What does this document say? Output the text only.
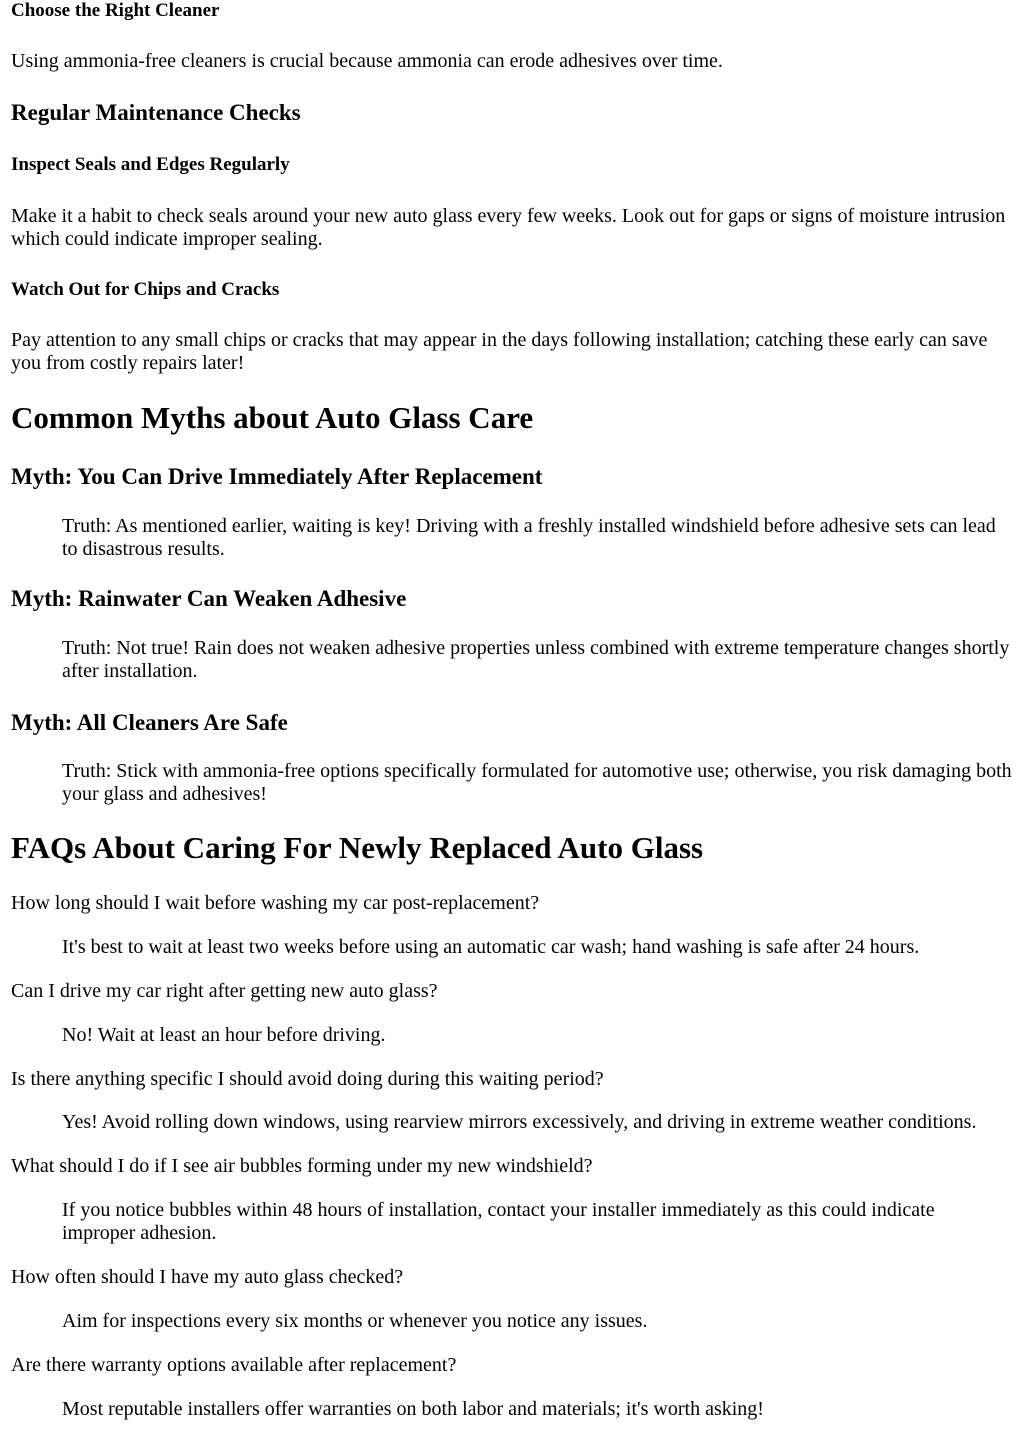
Choose the Right Cleaner

Using ammonia-free cleaners is crucial because ammonia can erode adhesives over time.

Regular Maintenance Checks
Inspect Seals and Edges Regularly

Make it a habit to check seals around your new auto glass every few weeks. Look out for gaps or signs of moisture intrusion which could indicate improper sealing.

Watch Out for Chips and Cracks

Pay attention to any small chips or cracks that may appear in the days following installation; catching these early can save you from costly repairs later!

Common Myths about Auto Glass Care
Myth: You Can Drive Immediately After Replacement

Truth: As mentioned earlier, waiting is key! Driving with a freshly installed windshield before adhesive sets can lead to disastrous results.

Myth: Rainwater Can Weaken Adhesive

Truth: Not true! Rain does not weaken adhesive properties unless combined with extreme temperature changes shortly after installation.

Myth: All Cleaners Are Safe

Truth: Stick with ammonia-free options specifically formulated for automotive use; otherwise, you risk damaging both your glass and adhesives!

FAQs About Caring For Newly Replaced Auto Glass

How long should I wait before washing my car post-replacement?

It's best to wait at least two weeks before using an automatic car wash; hand washing is safe after 24 hours.

Can I drive my car right after getting new auto glass?

No! Wait at least an hour before driving.

Is there anything specific I should avoid doing during this waiting period?

Yes! Avoid rolling down windows, using rearview mirrors excessively, and driving in extreme weather conditions.

What should I do if I see air bubbles forming under my new windshield?

If you notice bubbles within 48 hours of installation, contact your installer immediately as this could indicate improper adhesion.

How often should I have my auto glass checked?

Aim for inspections every six months or whenever you notice any issues.

Are there warranty options available after replacement?

Most reputable installers offer warranties on both labor and materials; it's worth asking!
